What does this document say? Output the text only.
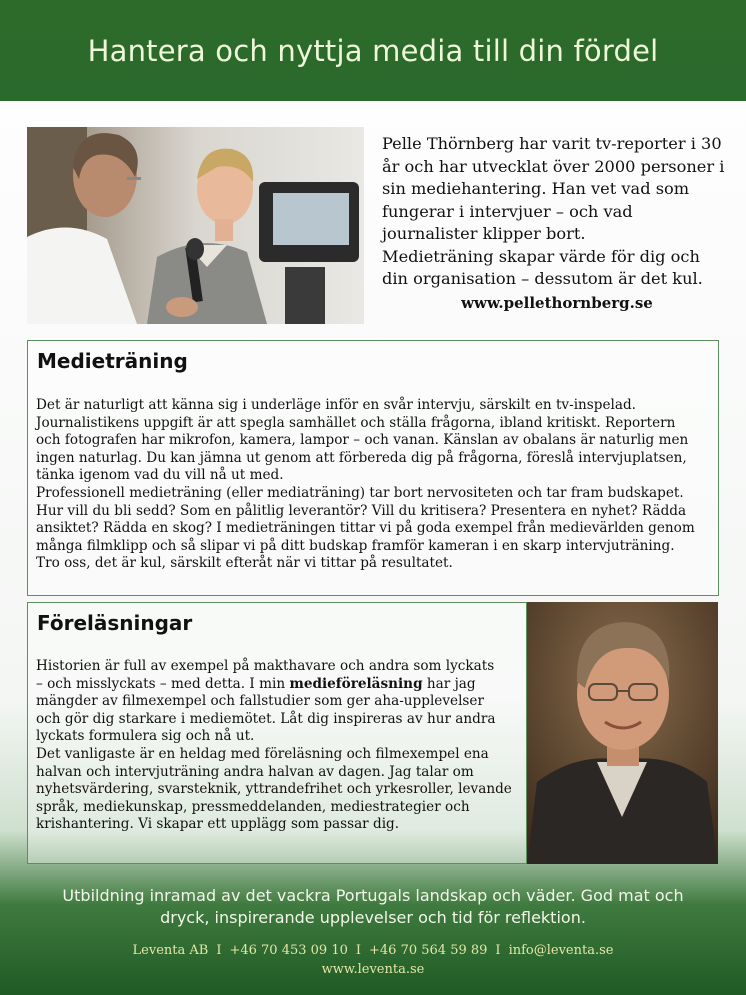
Hantera och nyttja media till din fördel
Pelle Thörnberg har varit tv-reporter i 30
år och har utvecklat över 2000 personer i
sin mediehantering. Han vet vad som
fungerar i intervjuer – och vad
journalister klipper bort.
Medieträning skapar värde för dig och
din organisation – dessutom är det kul.
www.pellethornberg.se
Medieträning

Det är naturligt att känna sig i underläge inför en svår intervju, särskilt en tv-inspelad.

Journalistikens uppgift är att spegla samhället och ställa frågorna, ibland kritiskt. Reportern

och fotografen har mikrofon, kamera, lampor – och vanan. Känslan av obalans är naturlig men

ingen naturlag. Du kan jämna ut genom att förbereda dig på frågorna, föreslå intervjuplatsen,

tänka igenom vad du vill nå ut med.

Professionell medieträning (eller mediaträning) tar bort nervositeten och tar fram budskapet.

Hur vill du bli sedd? Som en pålitlig leverantör? Vill du kritisera? Presentera en nyhet? Rädda

ansiktet? Rädda en skog? I medieträningen tittar vi på goda exempel från medievärlden genom

många filmklipp och så slipar vi på ditt budskap framför kameran i en skarp intervjuträning.

Tro oss, det är kul, särskilt efteråt när vi tittar på resultatet.

Föreläsningar

Historien är full av exempel på makthavare och andra som lyckats

– och misslyckats – med detta. I min medieföreläsning har jag

mängder av filmexempel och fallstudier som ger aha-upplevelser

och gör dig starkare i mediemötet. Låt dig inspireras av hur andra

lyckats formulera sig och nå ut.

Det vanligaste är en heldag med föreläsning och filmexempel ena

halvan och intervjuträning andra halvan av dagen. Jag talar om

nyhetsvärdering, svarsteknik, yttrandefrihet och yrkesroller, levande

språk, mediekunskap, pressmeddelanden, mediestrategier och

krishantering. Vi skapar ett upplägg som passar dig.

Utbildning inramad av det vackra Portugals landskap och väder. God mat och
dryck, inspirerande upplevelser och tid för reflektion.
Leventa AB I +46 70 453 09 10 I +46 70 564 59 89 I info@leventa.se
www.leventa.se
